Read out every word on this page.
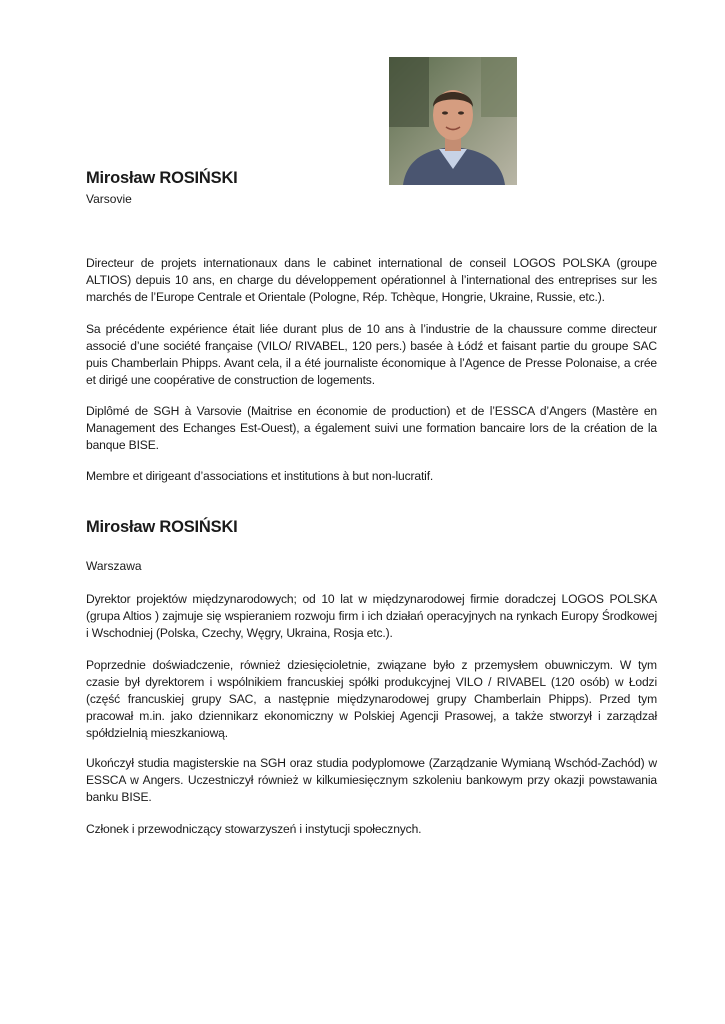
Mirosław ROSIŃSKI
Varsovie

Directeur de projets internationaux dans le cabinet international de conseil LOGOS POLSKA (groupe ALTIOS) depuis 10 ans, en charge du développement opérationnel à l’international des entreprises sur les marchés de l’Europe Centrale et Orientale (Pologne, Rép. Tchèque, Hongrie, Ukraine, Russie, etc.).

Sa précédente expérience était liée durant plus de 10 ans à l’industrie de la chaussure comme directeur associé d’une société française (VILO/ RIVABEL, 120 pers.) basée à Łódź et faisant partie du groupe SAC puis Chamberlain Phipps. Avant cela, il a été journaliste économique à l’Agence de Presse Polonaise, a crée et dirigé une coopérative de construction de logements.

Diplômé de SGH à Varsovie (Maitrise en économie de production) et de l’ESSCA d’Angers (Mastère en Management des Echanges Est-Ouest), a également suivi une formation bancaire lors de la création de la banque BISE.

Membre et dirigeant d’associations et institutions à but non-lucratif.

Mirosław ROSIŃSKI
Warszawa

Dyrektor projektów międzynarodowych; od 10 lat w międzynarodowej firmie doradczej LOGOS POLSKA (grupa Altios ) zajmuje się wspieraniem rozwoju firm i ich działań operacyjnych na rynkach Europy Środkowej i Wschodniej (Polska, Czechy, Węgry, Ukraina, Rosja etc.).

Poprzednie doświadczenie, również dziesięcioletnie, związane było z przemysłem obuwniczym. W tym czasie był dyrektorem i wspólnikiem francuskiej spółki produkcyjnej VILO / RIVABEL (120 osób) w Łodzi (część francuskiej grupy SAC, a następnie międzynarodowej grupy Chamberlain Phipps). Przed tym pracował m.in. jako dziennikarz ekonomiczny w Polskiej Agencji Prasowej, a także stworzył i zarządzał spółdzielnią mieszkaniową.

Ukończył studia magisterskie na SGH oraz studia podyplomowe (Zarządzanie Wymianą Wschód-Zachód) w ESSCA w Angers. Uczestniczył również w kilkumiesięcznym szkoleniu bankowym przy okazji powstawania banku BISE.

Członek i przewodniczący stowarzyszeń i instytucji społecznych.
